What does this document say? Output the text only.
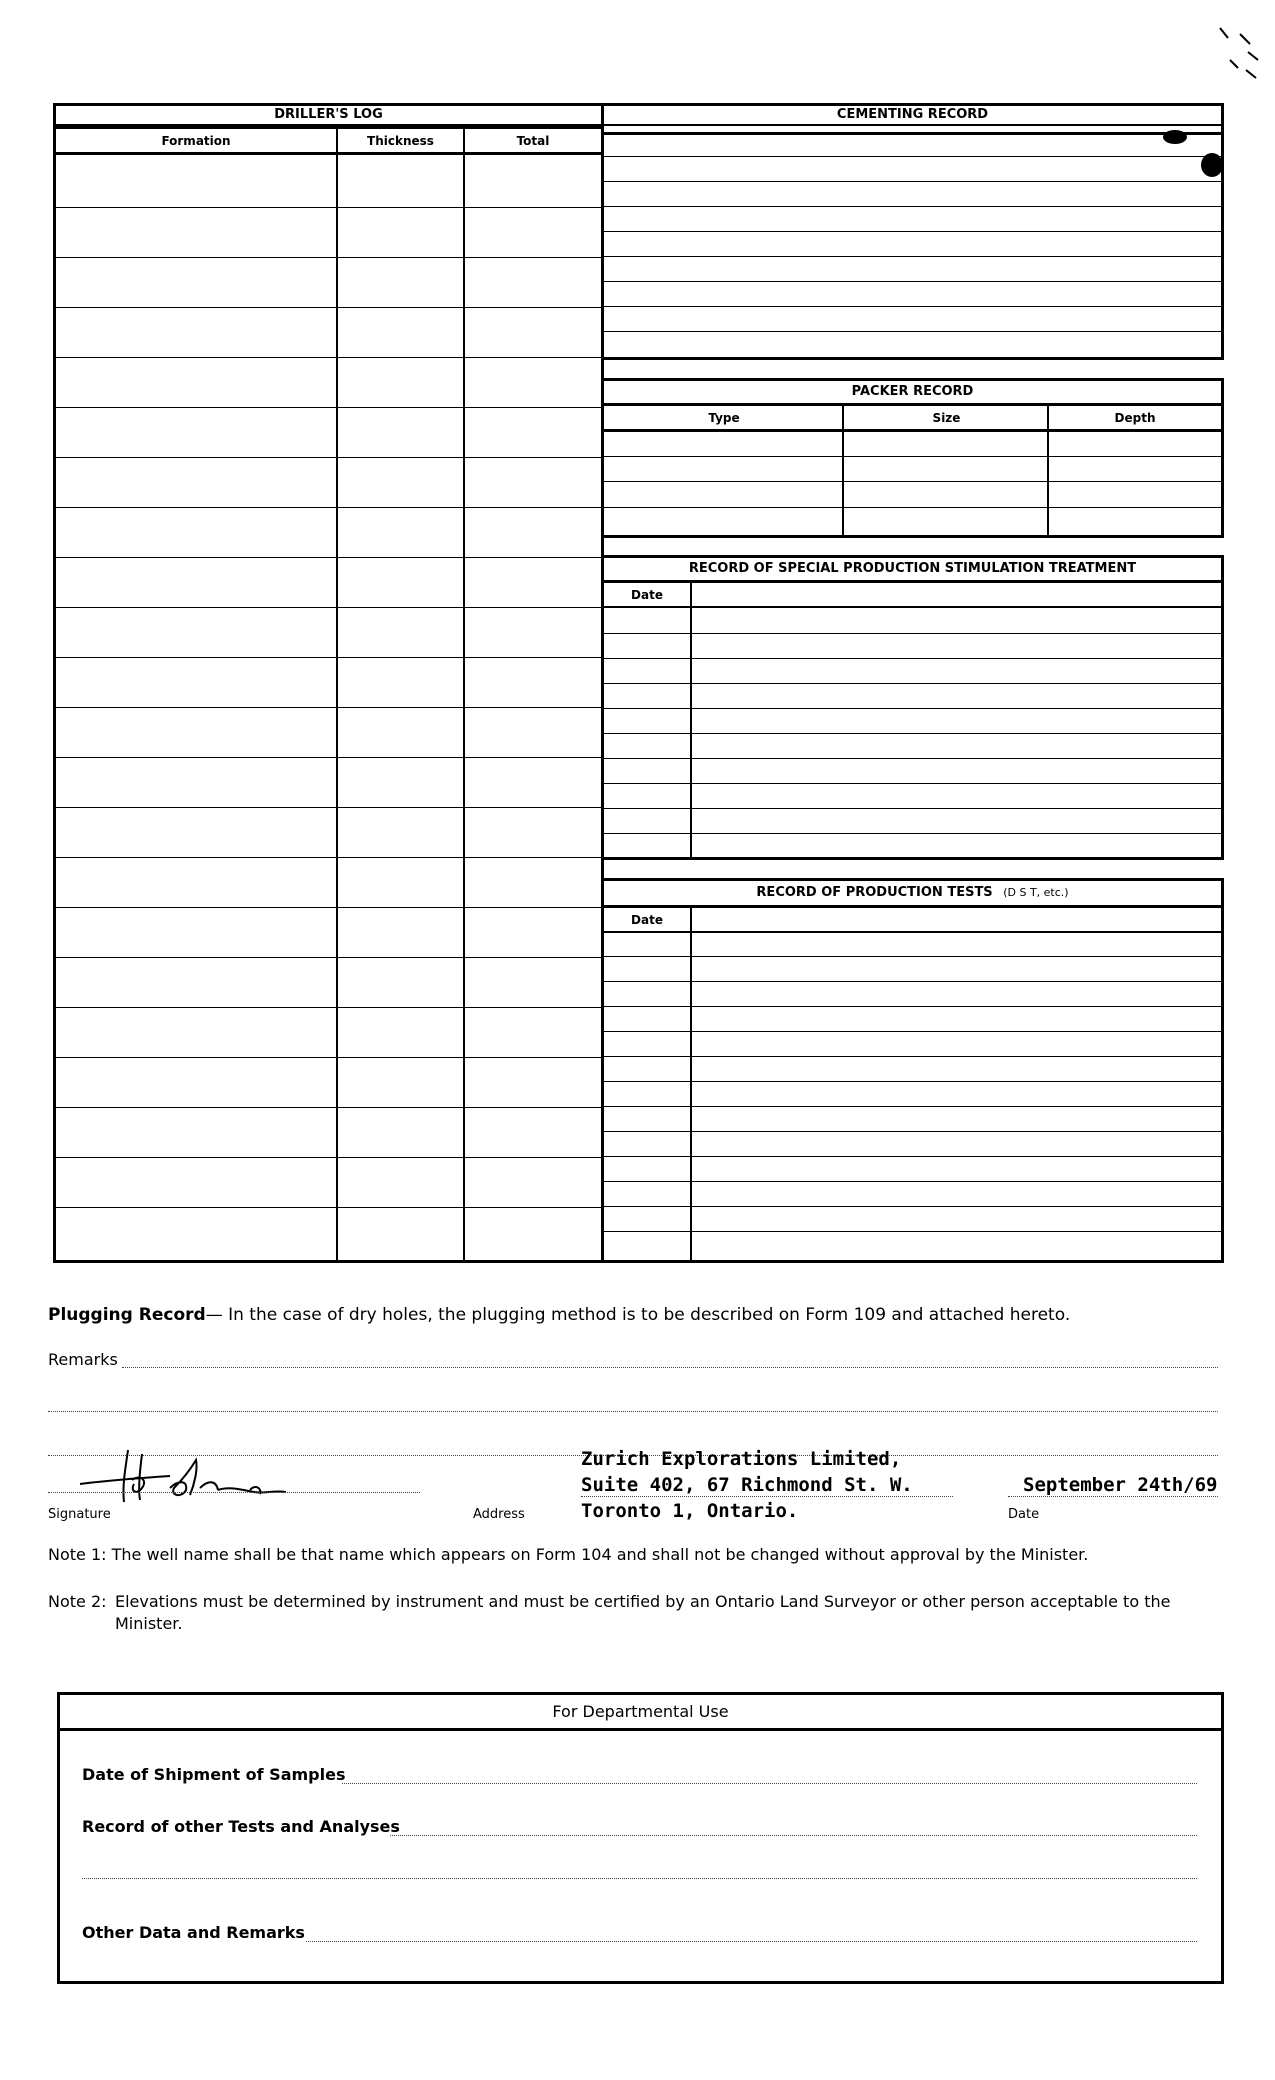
DRILLER'S LOG
Formation	Thickness	Total
CEMENTING RECORD
PACKER RECORD
Type	Size	Depth
RECORD OF SPECIAL PRODUCTION STIMULATION TREATMENT
Date
RECORD OF PRODUCTION TESTS (D S T, etc.)
Date
Plugging Record— In the case of dry holes, the plugging method is to be described on Form 109 and attached hereto.
Remarks
Signature	Address
Zurich Explorations Limited,
Suite 402, 67 Richmond St. W.
Toronto 1, Ontario.
September 24th/69
Date
Note 1: The well name shall be that name which appears on Form 104 and shall not be changed without approval by the Minister.
Note 2: Elevations must be determined by instrument and must be certified by an Ontario Land Surveyor or other person acceptable to the
Minister.
For Departmental Use
Date of Shipment of Samples
Record of other Tests and Analyses
Other Data and Remarks
